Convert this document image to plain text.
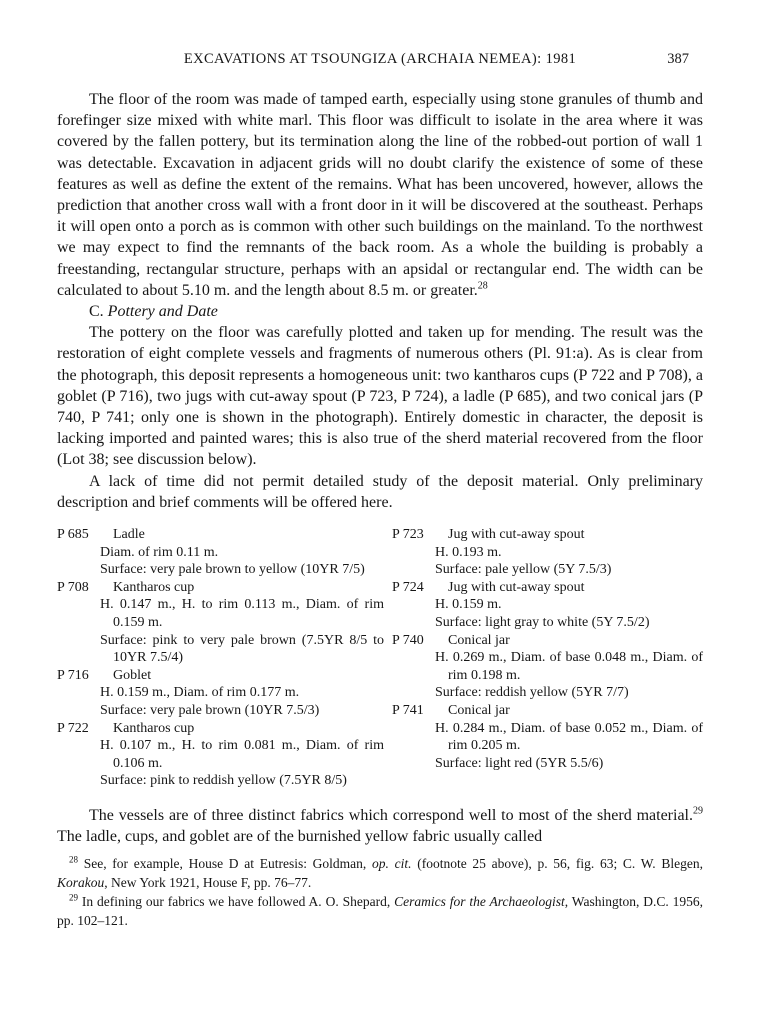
EXCAVATIONS AT TSOUNGIZA (ARCHAIA NEMEA): 1981	387

The floor of the room was made of tamped earth, especially using stone granules of thumb and forefinger size mixed with white marl. This floor was difficult to isolate in the area where it was covered by the fallen pottery, but its termination along the line of the robbed-out portion of wall 1 was detectable. Excavation in adjacent grids will no doubt clarify the existence of some of these features as well as define the extent of the remains. What has been uncovered, however, allows the prediction that another cross wall with a front door in it will be discovered at the southeast. Perhaps it will open onto a porch as is common with other such buildings on the mainland. To the northwest we may expect to find the remnants of the back room. As a whole the building is probably a freestanding, rectangular structure, perhaps with an apsidal or rectangular end. The width can be calculated to about 5.10 m. and the length about 8.5 m. or greater.$^{28}$

C. Pottery and Date

The pottery on the floor was carefully plotted and taken up for mending. The result was the restoration of eight complete vessels and fragments of numerous others (Pl. 91:a). As is clear from the photograph, this deposit represents a homogeneous unit: two kantharos cups (P 722 and P 708), a goblet (P 716), two jugs with cut-away spout (P 723, P 724), a ladle (P 685), and two conical jars (P 740, P 741; only one is shown in the photograph). Entirely domestic in character, the deposit is lacking imported and painted wares; this is also true of the sherd material recovered from the floor (Lot 38; see discussion below).

A lack of time did not permit detailed study of the deposit material. Only preliminary description and brief comments will be offered here.

P 685 Ladle
Diam. of rim 0.11 m.
Surface: very pale brown to yellow (10YR 7/5)
P 708 Kantharos cup
H. 0.147 m., H. to rim 0.113 m., Diam. of rim 0.159 m.
Surface: pink to very pale brown (7.5YR 8/5 to 10YR 7.5/4)
P 716 Goblet
H. 0.159 m., Diam. of rim 0.177 m.
Surface: very pale brown (10YR 7.5/3)
P 722 Kantharos cup
H. 0.107 m., H. to rim 0.081 m., Diam. of rim 0.106 m.
Surface: pink to reddish yellow (7.5YR 8/5)
P 723 Jug with cut-away spout
H. 0.193 m.
Surface: pale yellow (5Y 7.5/3)
P 724 Jug with cut-away spout
H. 0.159 m.
Surface: light gray to white (5Y 7.5/2)
P 740 Conical jar
H. 0.269 m., Diam. of base 0.048 m., Diam. of rim 0.198 m.
Surface: reddish yellow (5YR 7/7)
P 741 Conical jar
H. 0.284 m., Diam. of base 0.052 m., Diam. of rim 0.205 m.
Surface: light red (5YR 5.5/6)

The vessels are of three distinct fabrics which correspond well to most of the sherd material.$^{29}$ The ladle, cups, and goblet are of the burnished yellow fabric usually called

$^{28}$ See, for example, House D at Eutresis: Goldman, op. cit. (footnote 25 above), p. 56, fig. 63; C. W. Blegen, Korakou, New York 1921, House F, pp. 76–77.

$^{29}$ In defining our fabrics we have followed A. O. Shepard, Ceramics for the Archaeologist, Washington, D.C. 1956, pp. 102–121.
